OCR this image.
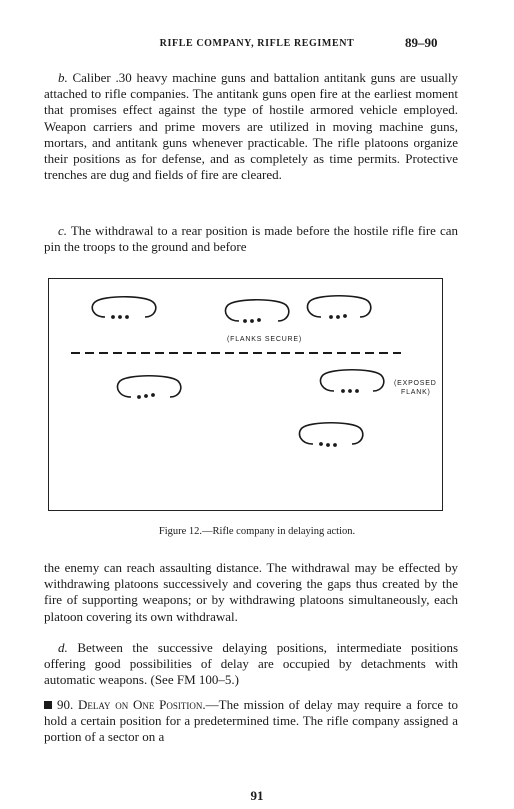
RIFLE COMPANY, RIFLE REGIMENT	89–90

b. Caliber .30 heavy machine guns and battalion antitank guns are usually attached to rifle companies. The antitank guns open fire at the earliest moment that promises effect against the type of hostile armored vehicle employed. Weapon carriers and prime movers are utilized in moving machine guns, mortars, and antitank guns whenever practicable. The rifle platoons organize their positions as for defense, and as completely as time permits. Protective trenches are dug and fields of fire are cleared.

c. The withdrawal to a rear position is made before the hostile rifle fire can pin the troops to the ground and before

(FLANKS SECURE)
(EXPOSED
FLANK)
Figure 12.—Rifle company in delaying action.

the enemy can reach assaulting distance. The withdrawal may be effected by withdrawing platoons successively and covering the gaps thus created by the fire of supporting weapons; or by withdrawing platoons simultaneously, each platoon covering its own withdrawal.

d. Between the successive delaying positions, intermediate positions offering good possibilities of delay are occupied by detachments with automatic weapons. (See FM 100–5.)

90. Delay on One Position.—The mission of delay may require a force to hold a certain position for a predetermined time. The rifle company assigned a portion of a sector on a

91
